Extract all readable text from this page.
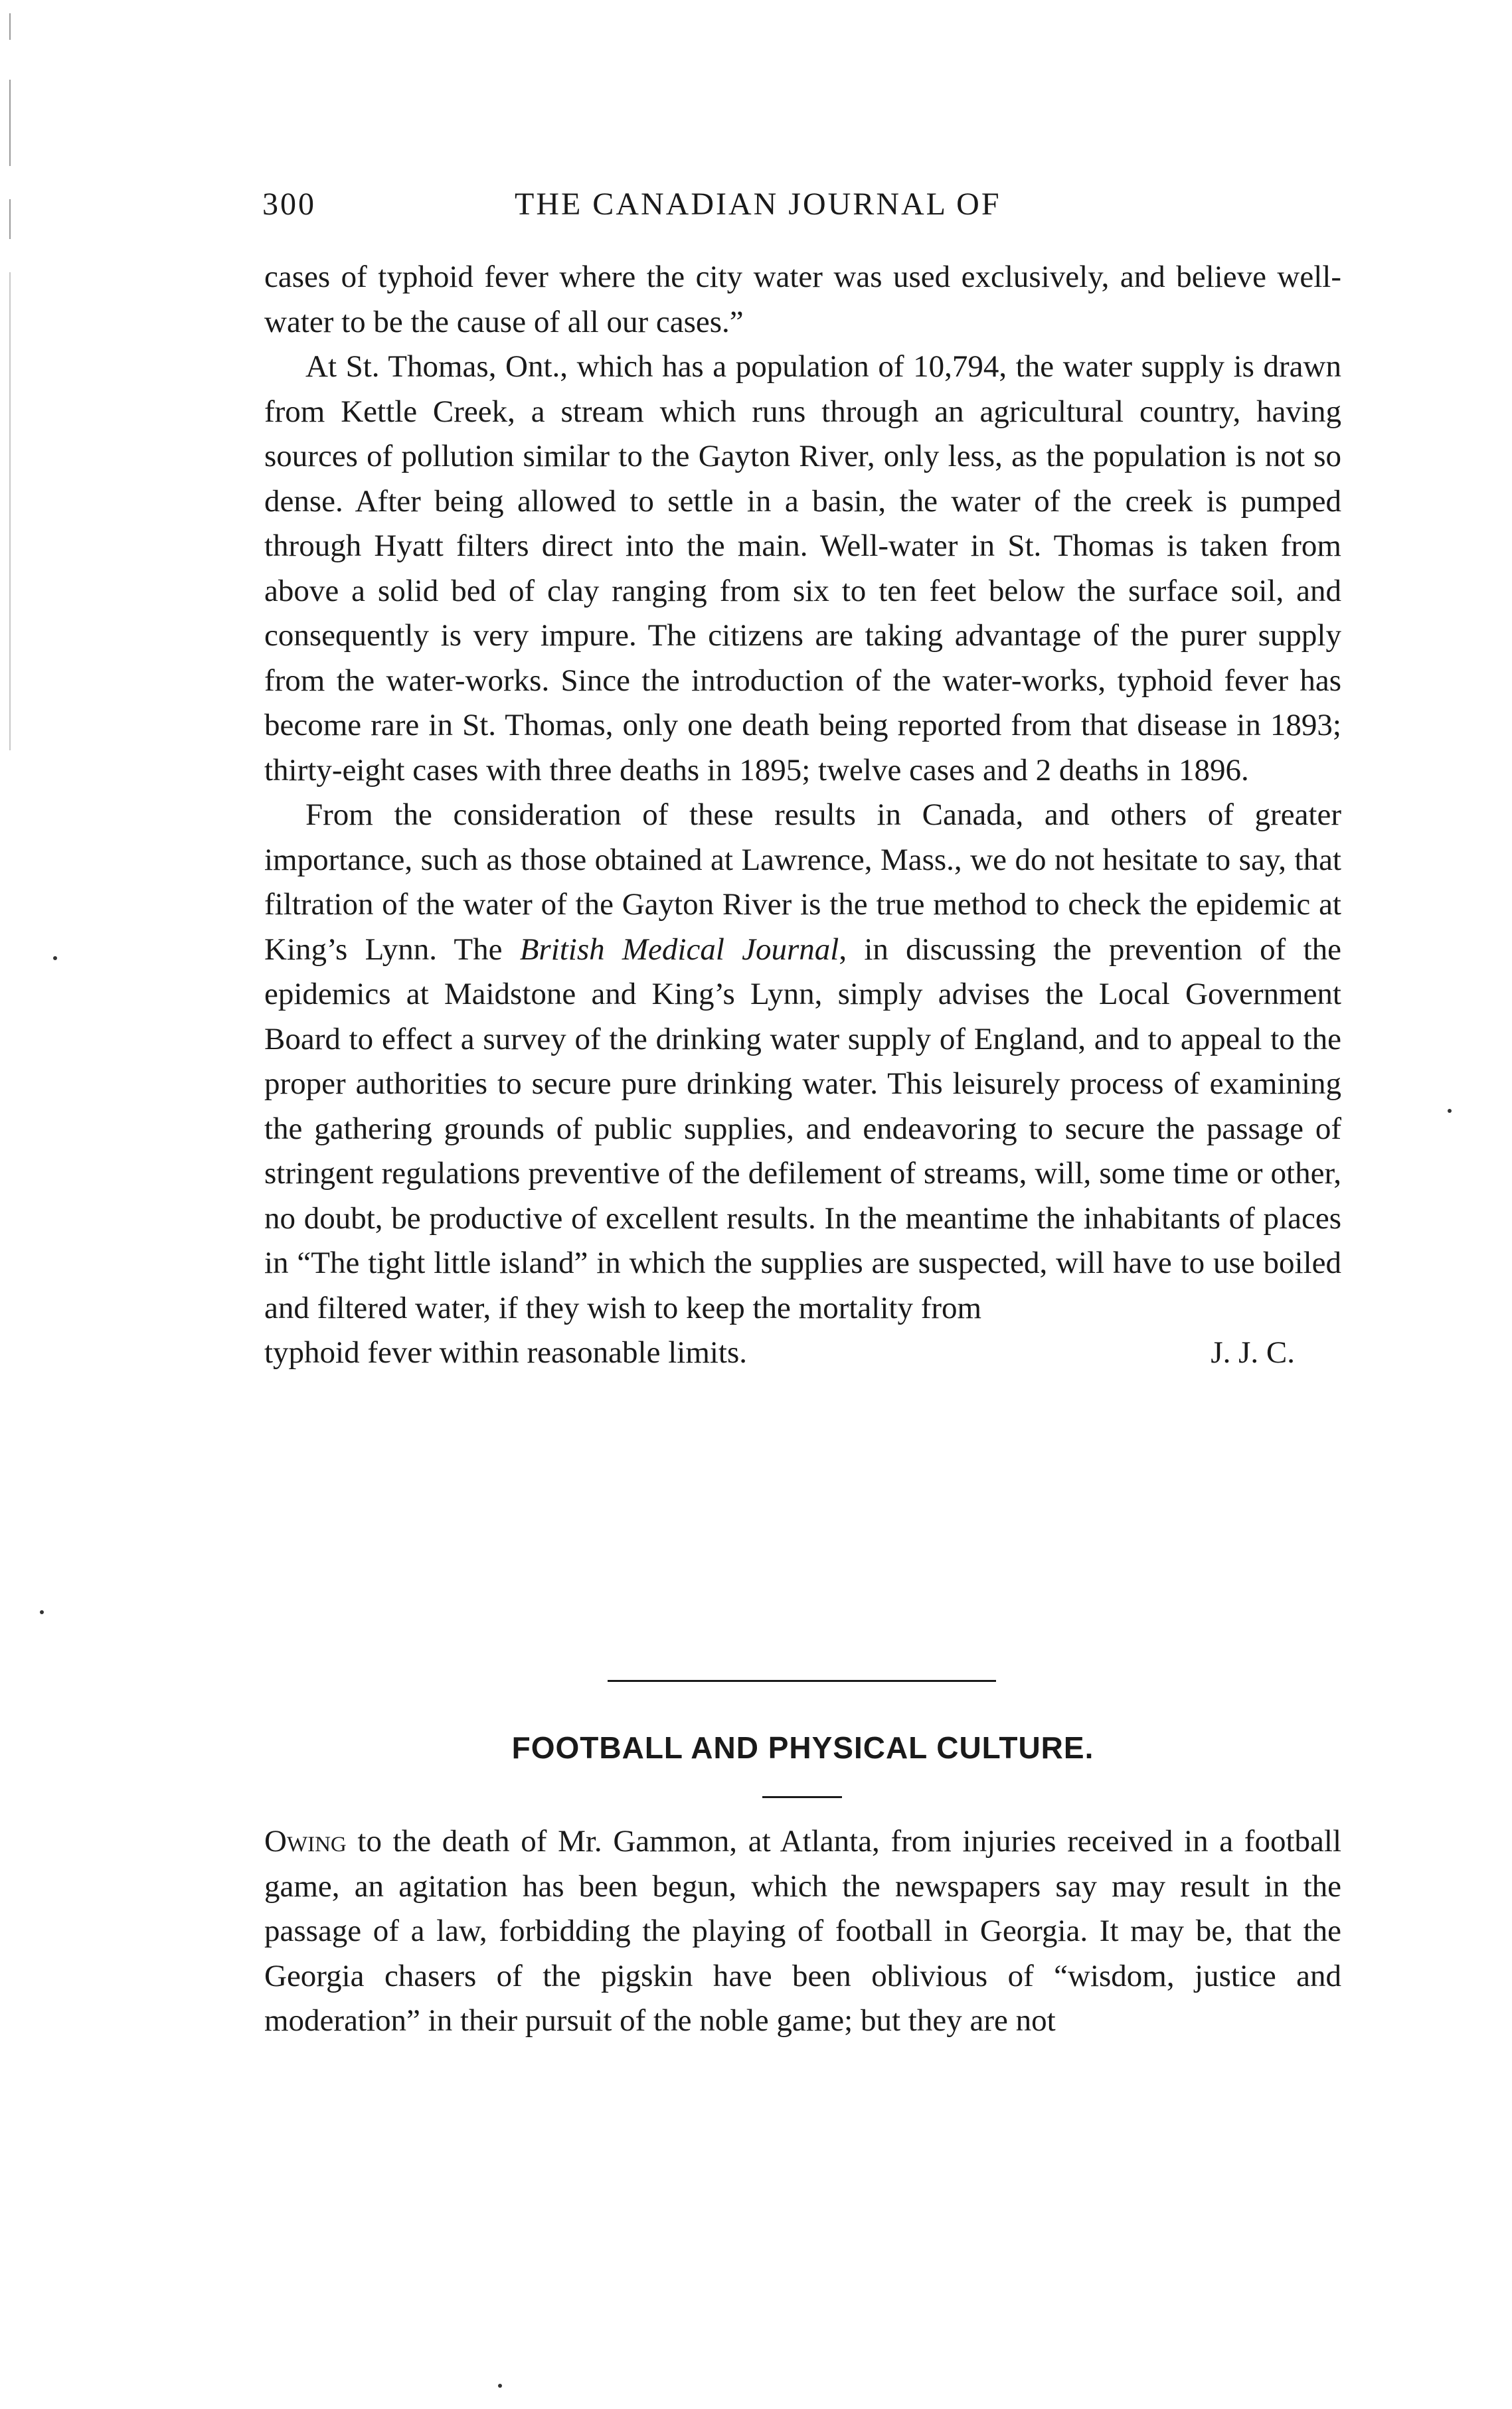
300	THE CANADIAN JOURNAL OF

cases of typhoid fever where the city water was used exclusively, and believe well-water to be the cause of all our cases.”

At St. Thomas, Ont., which has a population of 10,794, the water supply is drawn from Kettle Creek, a stream which runs through an agricultural country, having sources of pollution similar to the Gayton River, only less, as the population is not so dense. After being allowed to settle in a basin, the water of the creek is pumped through Hyatt filters direct into the main. Well-water in St. Thomas is taken from above a solid bed of clay ranging from six to ten feet below the surface soil, and consequently is very impure. The citizens are taking advantage of the purer supply from the water-works. Since the introduction of the water-works, typhoid fever has become rare in St. Thomas, only one death being reported from that disease in 1893; thirty-eight cases with three deaths in 1895; twelve cases and 2 deaths in 1896.

From the consideration of these results in Canada, and others of greater importance, such as those obtained at Lawrence, Mass., we do not hesitate to say, that filtration of the water of the Gayton River is the true method to check the epidemic at King’s Lynn. The British Medical Journal, in discussing the prevention of the epidemics at Maidstone and King’s Lynn, simply advises the Local Government Board to effect a survey of the drinking water supply of England, and to appeal to the proper authorities to secure pure drinking water. This leisurely process of examining the gathering grounds of public supplies, and endeavoring to secure the passage of stringent regulations preventive of the defilement of streams, will, some time or other, no doubt, be productive of excellent results. In the meantime the inhabitants of places in “The tight little island” in which the supplies are suspected, will have to use boiled and filtered water, if they wish to keep the mortality from

typhoid fever within reasonable limits.	J. J. C.
FOOTBALL AND PHYSICAL CULTURE.

Owing to the death of Mr. Gammon, at Atlanta, from injuries received in a football game, an agitation has been begun, which the newspapers say may result in the passage of a law, forbidding the playing of football in Georgia. It may be, that the Georgia chasers of the pigskin have been oblivious of “wisdom, justice and moderation” in their pursuit of the noble game; but they are not
